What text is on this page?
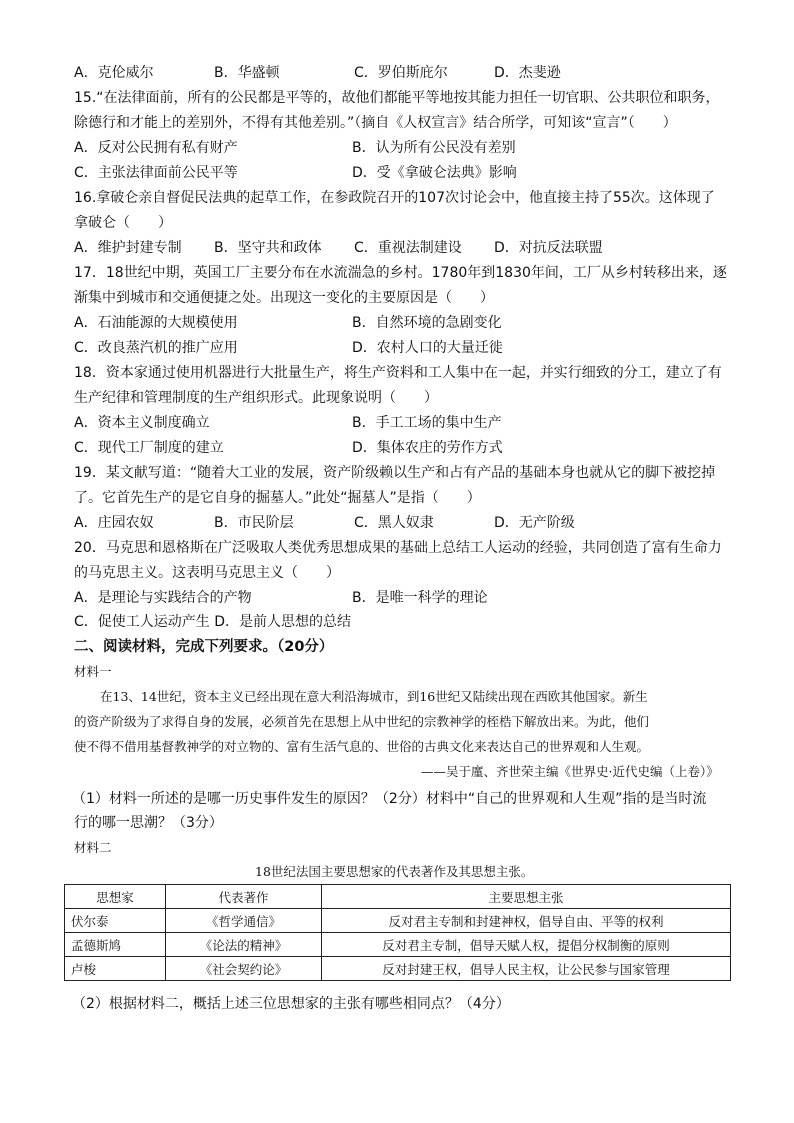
A．克伦威尔	B．华盛顿	C．罗伯斯庇尔	D．杰斐逊
15.“在法律面前，所有的公民都是平等的，故他们都能平等地按其能力担任一切官职、公共职位和职务，
除德行和才能上的差别外，不得有其他差别。”（摘自《人权宣言》结合所学，可知该“宣言”（　　）
A．反对公民拥有私有财产	B．认为所有公民没有差别
C．主张法律面前公民平等	D．受《拿破仑法典》影响
16.拿破仑亲自督促民法典的起草工作，在参政院召开的107次讨论会中，他直接主持了55次。这体现了
拿破仑（　　）
A．维护封建专制 B．坚守共和政体 C．重视法制建设 D．对抗反法联盟
17．18世纪中期，英国工厂主要分布在水流湍急的乡村。1780年到1830年间，工厂从乡村转移出来，逐
渐集中到城市和交通便捷之处。出现这一变化的主要原因是（　　）
A．石油能源的大规模使用	B．自然环境的急剧变化
C．改良蒸汽机的推广应用	D．农村人口的大量迁徙
18．资本家通过使用机器进行大批量生产，将生产资料和工人集中在一起，并实行细致的分工，建立了有
生产纪律和管理制度的生产组织形式。此现象说明（　　）
A．资本主义制度确立	B．手工工场的集中生产
C．现代工厂制度的建立	D．集体农庄的劳作方式
19．某文献写道：“随着大工业的发展，资产阶级赖以生产和占有产品的基础本身也就从它的脚下被挖掉
了。它首先生产的是它自身的掘墓人。”此处“掘墓人”是指（　　）
A．庄园农奴	B．市民阶层	C．黑人奴隶	D．无产阶级
20．马克思和恩格斯在广泛吸取人类优秀思想成果的基础上总结工人运动的经验，共同创造了富有生命力
的马克思主义。这表明马克思主义（　　）
A．是理论与实践结合的产物	B．是唯一科学的理论
C．促使工人运动产生 D．是前人思想的总结
二、阅读材料，完成下列要求。（20分）
材料一
在13、14世纪，资本主义已经出现在意大利沿海城市，到16世纪又陆续出现在西欧其他国家。新生
的资产阶级为了求得自身的发展，必须首先在思想上从中世纪的宗教神学的桎梏下解放出来。为此，他们
使不得不借用基督教神学的对立物的、富有生活气息的、世俗的古典文化来表达自己的世界观和人生观。
——吴于廑、齐世荣主编《世界史·近代史编（上卷）》
（1）材料一所述的是哪一历史事件发生的原因？（2分）材料中“自己的世界观和人生观”指的是当时流
行的哪一思潮？（3分）
材料二
18世纪法国主要思想家的代表著作及其思想主张。
思想家	代表著作	主要思想主张
伏尔泰	《哲学通信》	反对君主专制和封建神权，倡导自由、平等的权利
孟德斯鸠	《论法的精神》	反对君主专制，倡导天赋人权，提倡分权制衡的原则
卢梭	《社会契约论》	反对封建王权，倡导人民主权，让公民参与国家管理
（2）根据材料二，概括上述三位思想家的主张有哪些相同点？（4分）
